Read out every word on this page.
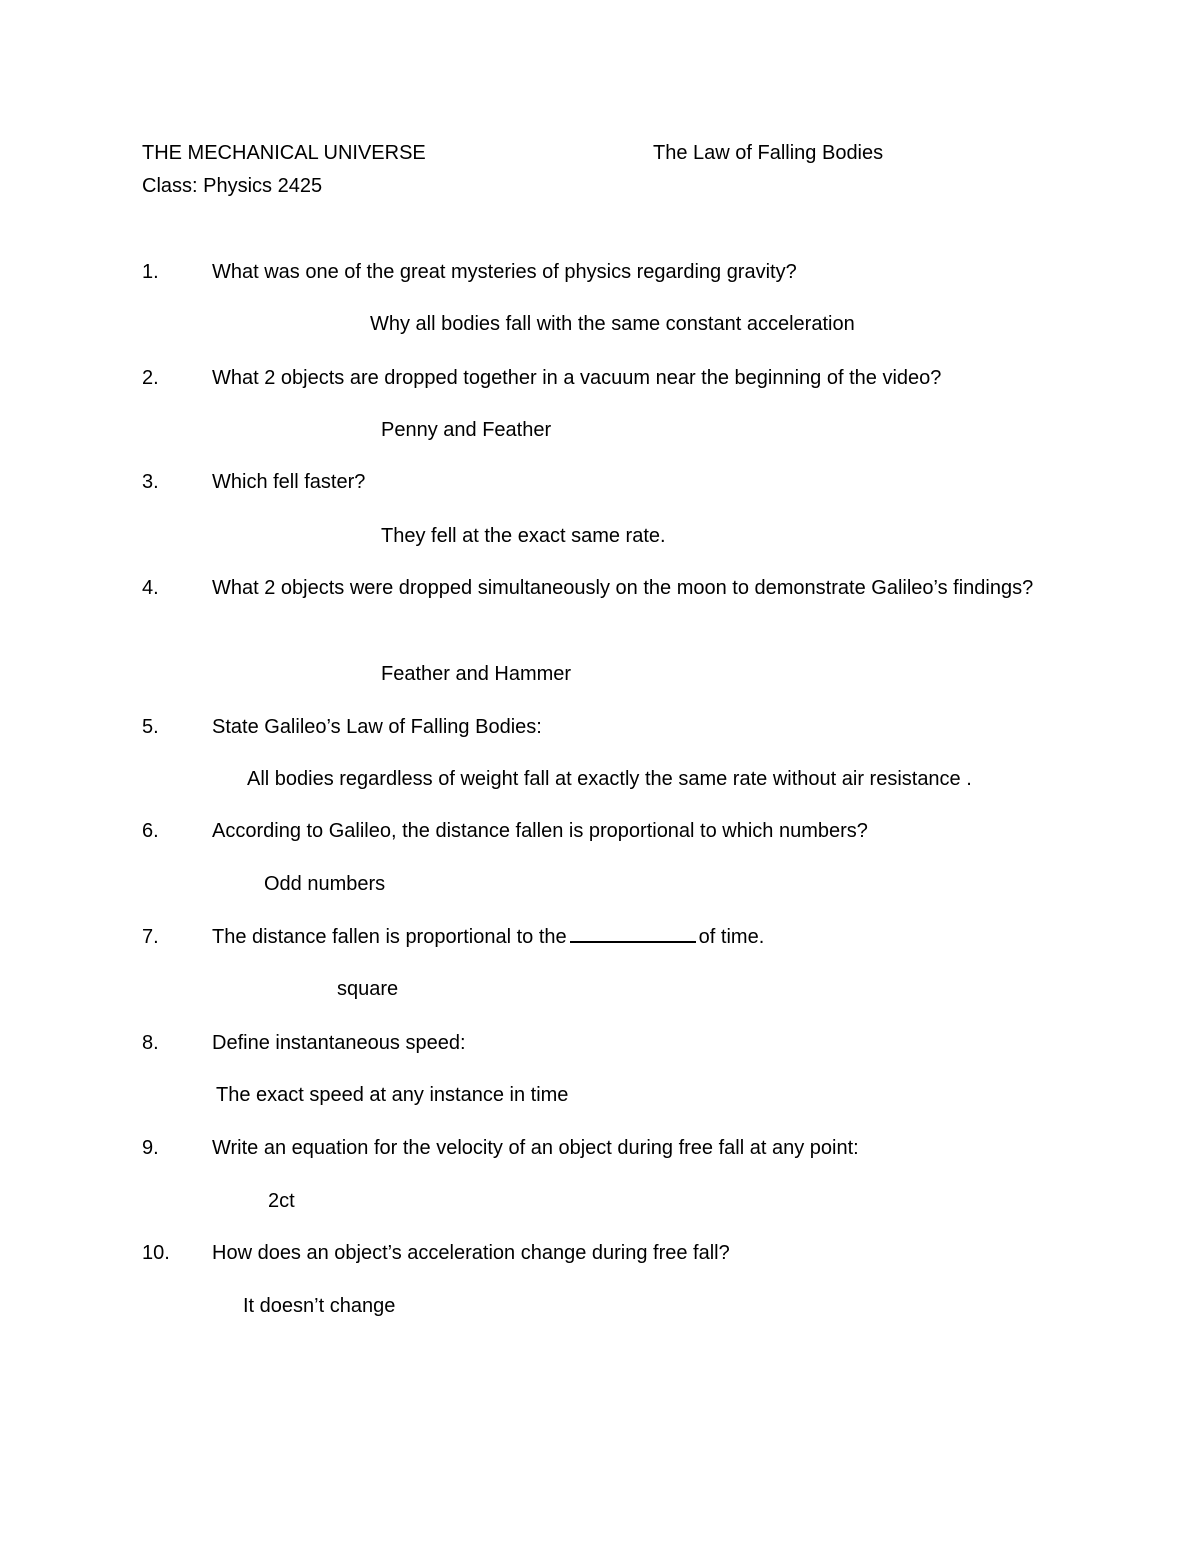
THE MECHANICAL UNIVERSE	The Law of Falling Bodies
Class: Physics 2425
1.	What was one of the great mysteries of physics regarding gravity?
Why all bodies fall with the same constant acceleration
2.	What 2 objects are dropped together in a vacuum near the beginning of the video?
Penny and Feather
3.	Which fell faster?
They fell at the exact same rate.
4.	What 2 objects were dropped simultaneously on the moon to demonstrate Galileo’s findings?
Feather and Hammer
5.	State Galileo’s Law of Falling Bodies:
All bodies regardless of weight fall at exactly the same rate without air resistance .
6.	According to Galileo, the distance fallen is proportional to which numbers?
Odd numbers
7.	The distance fallen is proportional to the	of time.
square
8.	Define instantaneous speed:
The exact speed at any instance in time
9.	Write an equation for the velocity of an object during free fall at any point:
2ct
10. How does an object’s acceleration change during free fall?
It doesn’t change
